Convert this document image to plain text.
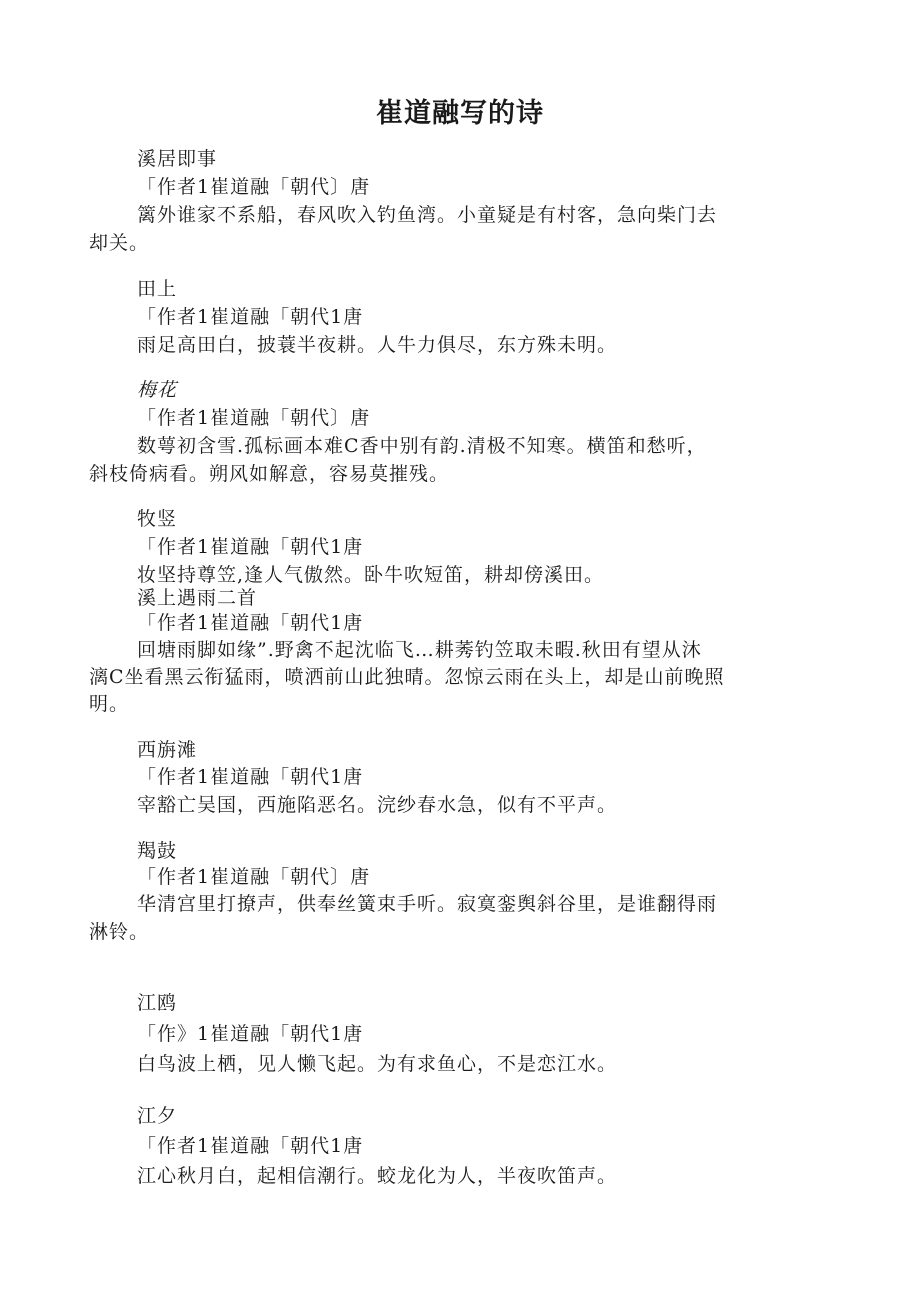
崔道融写的诗
溪居即事
「作者1崔道融「朝代〕唐
篱外谁家不系船，春风吹入钓鱼湾。小童疑是有村客，急向柴门去
却关。
田上
「作者1崔道融「朝代1唐
雨足高田白，披蓑半夜耕。人牛力俱尽，东方殊未明。
梅花
「作者1崔道融「朝代〕唐
数萼初含雪.孤标画本难C香中别有韵.清极不知寒。横笛和愁听，
斜枝倚病看。朔风如解意，容易莫摧残。
牧竖
「作者1崔道融「朝代1唐
妆坚持尊笠,逢人气傲然。卧牛吹短笛，耕却傍溪田。
溪上遇雨二首
「作者1崔道融「朝代1唐
回塘雨脚如缘”.野禽不起沈临飞…耕莠钓笠取未暇.秋田有望从沐
漓C坐看黑云衔猛雨，喷洒前山此独晴。忽惊云雨在头上，却是山前晚照
明。
西旃滩
「作者1崔道融「朝代1唐
宰豁亡吴国，西施陷恶名。浣纱春水急，似有不平声。
羯鼓
「作者1崔道融「朝代〕唐
华清宫里打撩声，供奉丝簧束手听。寂寞銮舆斜谷里，是谁翻得雨
淋铃。
江鸥
「作》1崔道融「朝代1唐
白鸟波上栖，见人懒飞起。为有求鱼心，不是恋江水。
江夕
「作者1崔道融「朝代1唐
江心秋月白，起相信潮行。蛟龙化为人，半夜吹笛声。
